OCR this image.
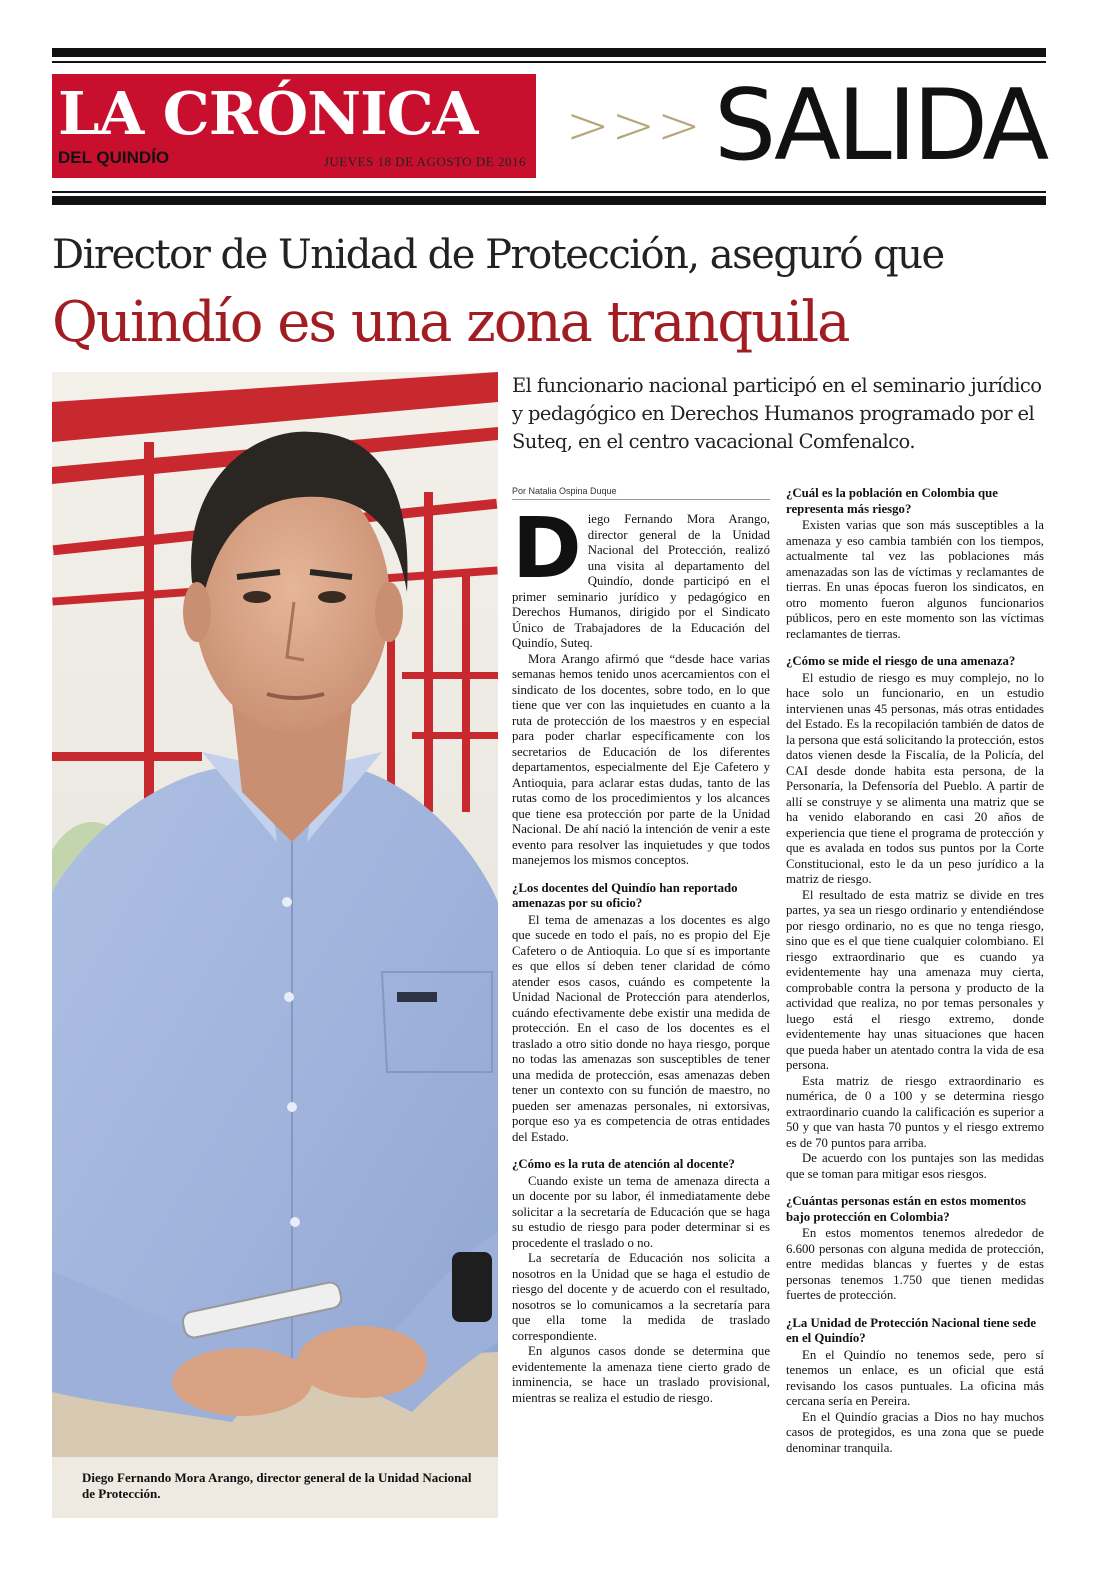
LA CRÓNICA
DEL QUINDÍO	JUEVES 18 DE AGOSTO DE 2016
>>> SALIDA
Director de Unidad de Protección, aseguró que
Quindío es una zona tranquila
Diego Fernando Mora Arango, director general de la Unidad Nacional de Protección.
El funcionario nacional participó en el seminario jurídico y pedagógico en Derechos Humanos programado por el Suteq, en el centro vacacional Comfenalco.
Por Natalia Ospina Duque

Diego Fernando Mora Arango, director general de la Unidad Nacional del Protección, realizó una visita al departamento del Quindío, donde participó en el primer seminario jurídico y pedagógico en Derechos Humanos, dirigido por el Sindicato Único de Trabajadores de la Educación del Quindío, Suteq.

Mora Arango afirmó que “desde hace varias semanas hemos tenido unos acercamientos con el sindicato de los docentes, sobre todo, en lo que tiene que ver con las inquietudes en cuanto a la ruta de protección de los maestros y en especial para poder charlar específicamente con los secretarios de Educación de los diferentes departamentos, especialmente del Eje Cafetero y Antioquia, para aclarar estas dudas, tanto de las rutas como de los procedimientos y los alcances que tiene esa protección por parte de la Unidad Nacional. De ahí nació la intención de venir a este evento para resolver las inquietudes y que todos manejemos los mismos conceptos.

¿Los docentes del Quindío han reportado amenazas por su oficio?

El tema de amenazas a los docentes es algo que sucede en todo el país, no es propio del Eje Cafetero o de Antioquia. Lo que sí es importante es que ellos sí deben tener claridad de cómo atender esos casos, cuándo es competente la Unidad Nacional de Protección para atenderlos, cuándo efectivamente debe existir una medida de protección. En el caso de los docentes es el traslado a otro sitio donde no haya riesgo, porque no todas las amenazas son susceptibles de tener una medida de protección, esas amenazas deben tener un contexto con su función de maestro, no pueden ser amenazas personales, ni extorsivas, porque eso ya es competencia de otras entidades del Estado.

¿Cómo es la ruta de atención al docente?

Cuando existe un tema de amenaza directa a un docente por su labor, él inmediatamente debe solicitar a la secretaría de Educación que se haga su estudio de riesgo para poder determinar si es procedente el traslado o no.

La secretaría de Educación nos solicita a nosotros en la Unidad que se haga el estudio de riesgo del docente y de acuerdo con el resultado, nosotros se lo comunicamos a la secretaría para que ella tome la medida de traslado correspondiente.

En algunos casos donde se determina que evidentemente la amenaza tiene cierto grado de inminencia, se hace un traslado provisional, mientras se realiza el estudio de riesgo.

¿Cuál es la población en Colombia que representa más riesgo?

Existen varias que son más susceptibles a la amenaza y eso cambia también con los tiempos, actualmente tal vez las poblaciones más amenazadas son las de víctimas y reclamantes de tierras. En unas épocas fueron los sindicatos, en otro momento fueron algunos funcionarios públicos, pero en este momento son las víctimas reclamantes de tierras.

¿Cómo se mide el riesgo de una amenaza?

El estudio de riesgo es muy complejo, no lo hace solo un funcionario, en un estudio intervienen unas 45 personas, más otras entidades del Estado. Es la recopilación también de datos de la persona que está solicitando la protección, estos datos vienen desde la Fiscalía, de la Policía, del CAI desde donde habita esta persona, de la Personaría, la Defensoría del Pueblo. A partir de allí se construye y se alimenta una matriz que se ha venido elaborando en casi 20 años de experiencia que tiene el programa de protección y que es avalada en todos sus puntos por la Corte Constitucional, esto le da un peso jurídico a la matriz de riesgo.

El resultado de esta matriz se divide en tres partes, ya sea un riesgo ordinario y entendiéndose por riesgo ordinario, no es que no tenga riesgo, sino que es el que tiene cualquier colombiano. El riesgo extraordinario que es cuando ya evidentemente hay una amenaza muy cierta, comprobable contra la persona y producto de la actividad que realiza, no por temas personales y luego está el riesgo extremo, donde evidentemente hay unas situaciones que hacen que pueda haber un atentado contra la vida de esa persona.

Esta matriz de riesgo extraordinario es numérica, de 0 a 100 y se determina riesgo extraordinario cuando la calificación es superior a 50 y que van hasta 70 puntos y el riesgo extremo es de 70 puntos para arriba.

De acuerdo con los puntajes son las medidas que se toman para mitigar esos riesgos.

¿Cuántas personas están en estos momentos bajo protección en Colombia?

En estos momentos tenemos alrededor de 6.600 personas con alguna medida de protección, entre medidas blancas y fuertes y de estas personas tenemos 1.750 que tienen medidas fuertes de protección.

¿La Unidad de Protección Nacional tiene sede en el Quindío?

En el Quindío no tenemos sede, pero sí tenemos un enlace, es un oficial que está revisando los casos puntuales. La oficina más cercana sería en Pereira.

En el Quindío gracias a Dios no hay muchos casos de protegidos, es una zona que se puede denominar tranquila.
